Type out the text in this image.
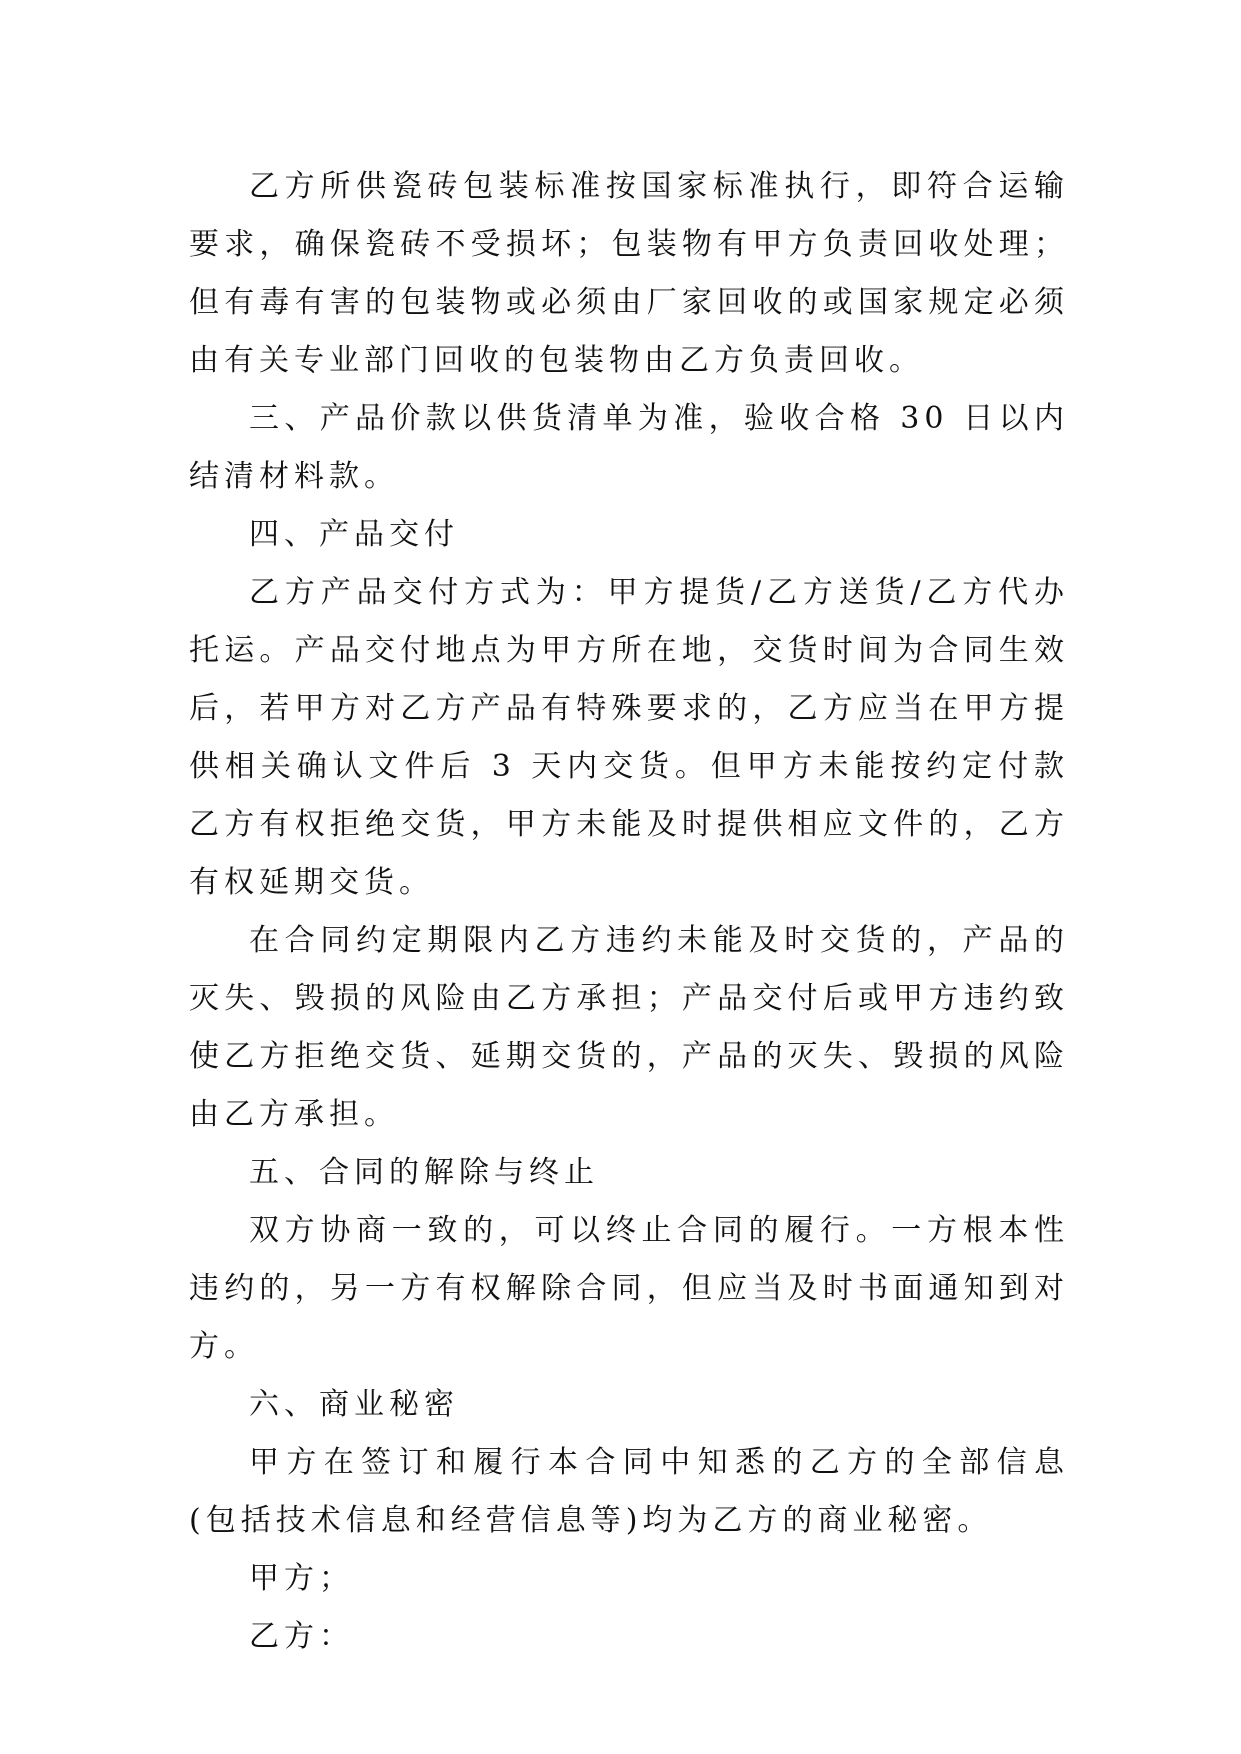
乙方所供瓷砖包装标准按国家标准执行，即符合运输要求，确保瓷砖不受损坏；包装物有甲方负责回收处理；但有毒有害的包装物或必须由厂家回收的或国家规定必须由有关专业部门回收的包装物由乙方负责回收。

三、产品价款以供货清单为准，验收合格 30 日以内结清材料款。

四、产品交付

乙方产品交付方式为：甲方提货/乙方送货/乙方代办托运。产品交付地点为甲方所在地，交货时间为合同生效后，若甲方对乙方产品有特殊要求的，乙方应当在甲方提供相关确认文件后 3 天内交货。但甲方未能按约定付款乙方有权拒绝交货，甲方未能及时提供相应文件的，乙方有权延期交货。

在合同约定期限内乙方违约未能及时交货的，产品的灭失、毁损的风险由乙方承担；产品交付后或甲方违约致使乙方拒绝交货、延期交货的，产品的灭失、毁损的风险由乙方承担。

五、合同的解除与终止

双方协商一致的，可以终止合同的履行。一方根本性违约的，另一方有权解除合同，但应当及时书面通知到对方。

六、商业秘密

甲方在签订和履行本合同中知悉的乙方的全部信息(包括技术信息和经营信息等)均为乙方的商业秘密。

甲方；

乙方：
